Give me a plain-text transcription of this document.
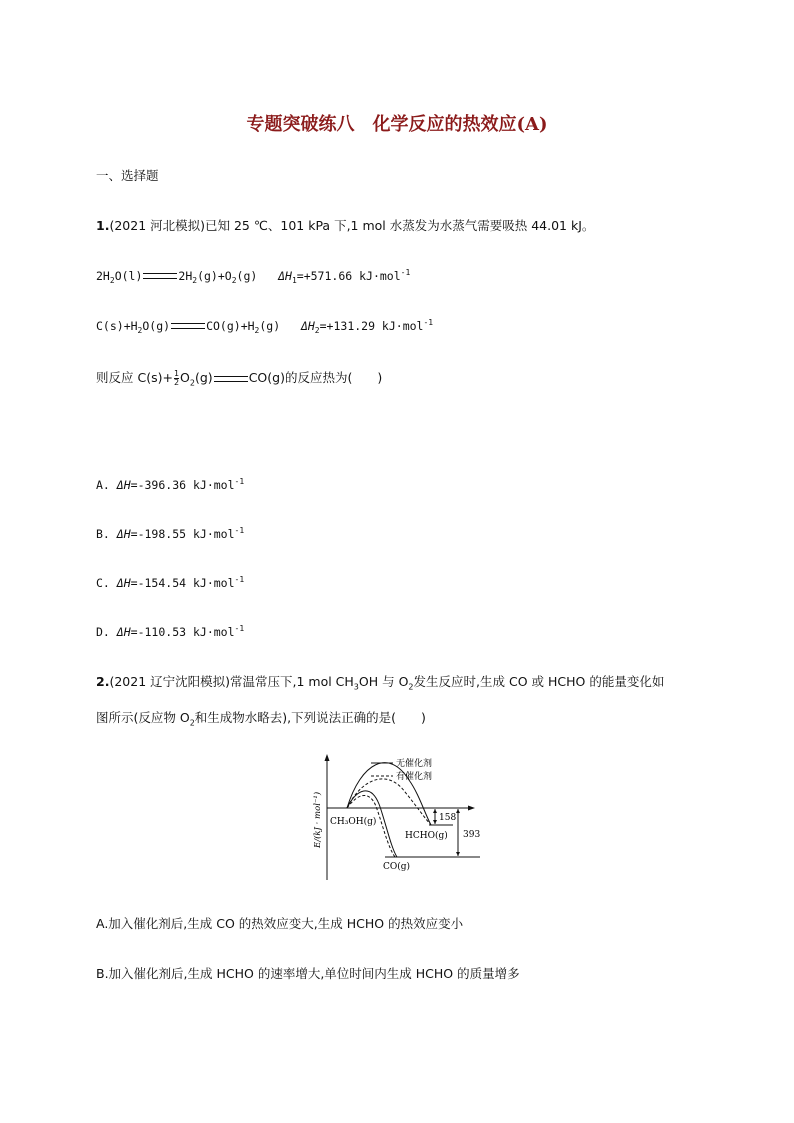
专题突破练八　化学反应的热效应(A)
一、选择题
1.(2021 河北模拟)已知 25 ℃、101 kPa 下,1 mol 水蒸发为水蒸气需要吸热 44.01 kJ。
$2H_2O(l)$	$2H_2(g)+O_2(g)$ $\Delta H_1=+571.66$ kJ·mol$^{-1}$
$C(s)+H_2O(g)$	$CO(g)+H_2(g)$ $\Delta H_2=+131.29$ kJ·mol$^{-1}$
则反应 $C(s)+ \frac{1}{2} O_2(g)$	CO(g)的反应热为(　　)
A. ΔH=-396.36 kJ·mol$^{-1}$
B. ΔH=-198.55 kJ·mol$^{-1}$
C. ΔH=-154.54 kJ·mol$^{-1}$
D. ΔH=-110.53 kJ·mol$^{-1}$
2.(2021 辽宁沈阳模拟)常温常压下,1 mol $CH_3OH$ 与 $O_2$发生反应时,生成 CO 或 HCHO 的能量变化如
图所示(反应物 $O_2$和生成物水略去),下列说法正确的是(　　)
无催化剂
有催化剂
E/(kJ · mol⁻¹) CH₃OH(g)
HCHO(g)
CO(g)
158
393
A.加入催化剂后,生成 CO 的热效应变大,生成 HCHO 的热效应变小
B.加入催化剂后,生成 HCHO 的速率增大,单位时间内生成 HCHO 的质量增多
